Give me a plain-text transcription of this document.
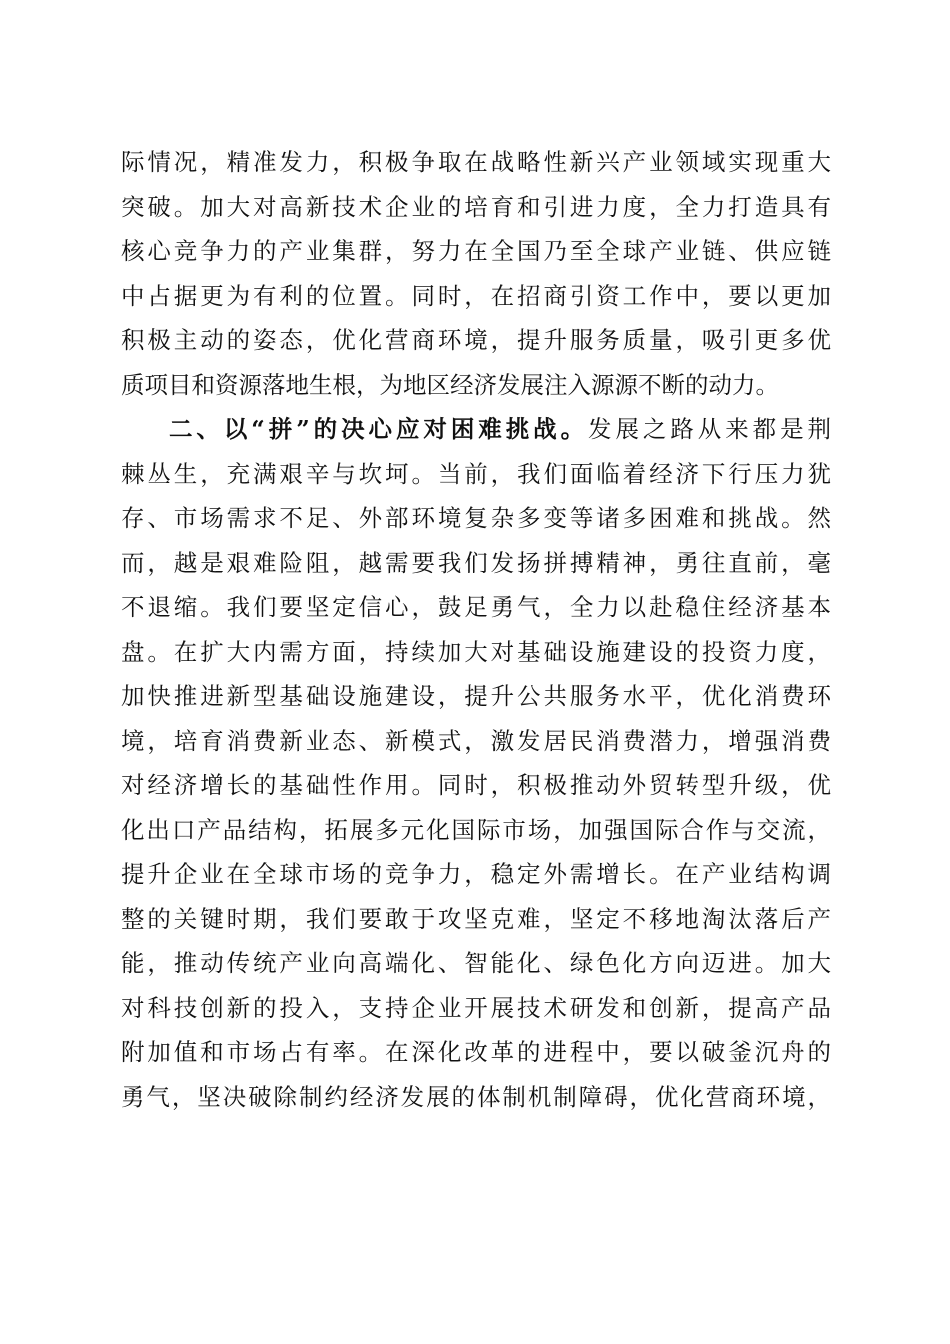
际情况，精准发力，积极争取在战略性新兴产业领域实现重大
突破。加大对高新技术企业的培育和引进力度，全力打造具有
核心竞争力的产业集群，努力在全国乃至全球产业链、供应链
中占据更为有利的位置。同时，在招商引资工作中，要以更加
积极主动的姿态，优化营商环境，提升服务质量，吸引更多优
质项目和资源落地生根，为地区经济发展注入源源不断的动力。
二、以“拼”的决心应对困难挑战。发展之路从来都是荆
棘丛生，充满艰辛与坎坷。当前，我们面临着经济下行压力犹
存、市场需求不足、外部环境复杂多变等诸多困难和挑战。然
而，越是艰难险阻，越需要我们发扬拼搏精神，勇往直前，毫
不退缩。我们要坚定信心，鼓足勇气，全力以赴稳住经济基本
盘。在扩大内需方面，持续加大对基础设施建设的投资力度，
加快推进新型基础设施建设，提升公共服务水平，优化消费环
境，培育消费新业态、新模式，激发居民消费潜力，增强消费
对经济增长的基础性作用。同时，积极推动外贸转型升级，优
化出口产品结构，拓展多元化国际市场，加强国际合作与交流，
提升企业在全球市场的竞争力，稳定外需增长。在产业结构调
整的关键时期，我们要敢于攻坚克难，坚定不移地淘汰落后产
能，推动传统产业向高端化、智能化、绿色化方向迈进。加大
对科技创新的投入，支持企业开展技术研发和创新，提高产品
附加值和市场占有率。在深化改革的进程中，要以破釜沉舟的
勇气，坚决破除制约经济发展的体制机制障碍，优化营商环境，
